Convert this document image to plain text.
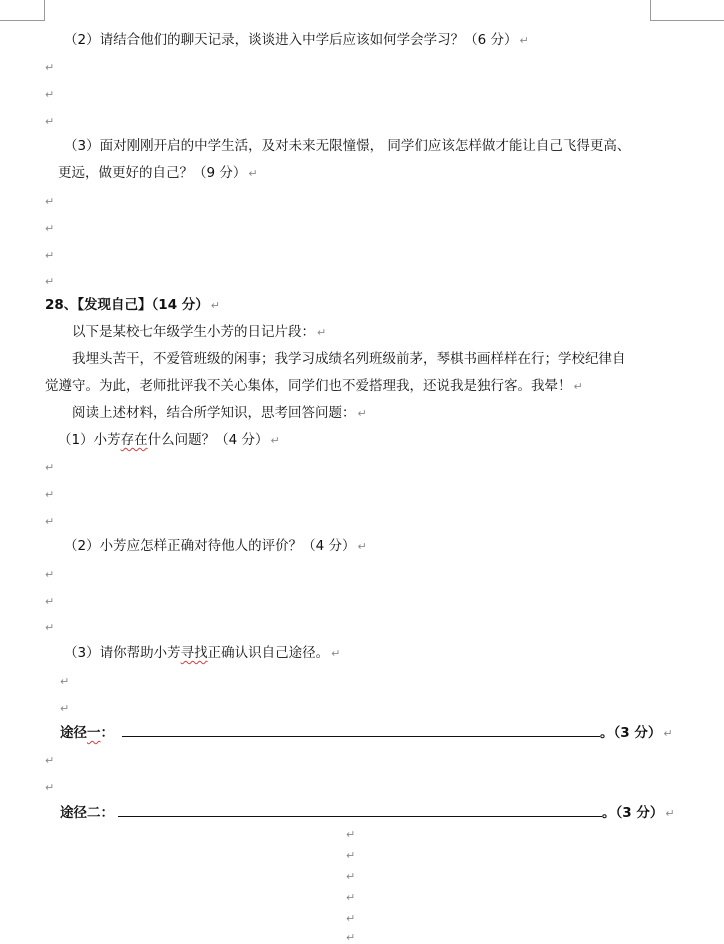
（2）请结合他们的聊天记录，谈谈进入中学后应该如何学会学习？（6 分） ↵
↵
↵
↵
（3）面对刚刚开启的中学生活，及对未来无限憧憬， 同学们应该怎样做才能让自己飞得更高、
更远，做更好的自己？（9 分） ↵
↵
↵
↵
↵
28、【发现自己】（14 分） ↵
以下是某校七年级学生小芳的日记片段： ↵
我埋头苦干，不爱管班级的闲事；我学习成绩名列班级前茅，琴棋书画样样在行；学校纪律自
觉遵守。为此，老师批评我不关心集体，同学们也不爱搭理我，还说我是独行客。我晕！ ↵
阅读上述材料，结合所学知识，思考回答问题： ↵
（1）小芳存在什么问题？（4 分） ↵
↵
↵
↵
（2）小芳应怎样正确对待他人的评价？（4 分） ↵
↵
↵
↵
（3）请你帮助小芳寻找正确认识自己途径。 ↵
↵
↵
途径一：	。（3 分） ↵
↵
↵
途径二：	。（3 分） ↵
↵
↵
↵
↵
↵
↵
